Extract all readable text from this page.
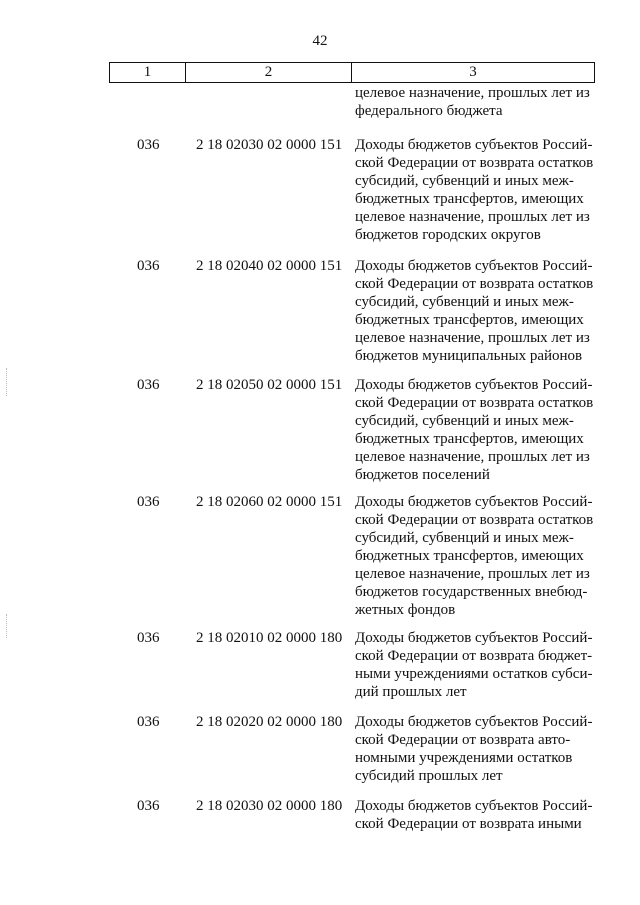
42
1	2	3
целевое назначение, прошлых лет из
федерального бюджета
036 2 18 02030 02 0000 151 Доходы бюджетов субъектов Россий-
ской Федерации от возврата остатков
субсидий, субвенций и иных меж-
бюджетных трансфертов, имеющих
целевое назначение, прошлых лет из
бюджетов городских округов
036 2 18 02040 02 0000 151 Доходы бюджетов субъектов Россий-
ской Федерации от возврата остатков
субсидий, субвенций и иных меж-
бюджетных трансфертов, имеющих
целевое назначение, прошлых лет из
бюджетов муниципальных районов
036 2 18 02050 02 0000 151 Доходы бюджетов субъектов Россий-
ской Федерации от возврата остатков
субсидий, субвенций и иных меж-
бюджетных трансфертов, имеющих
целевое назначение, прошлых лет из
бюджетов поселений
036 2 18 02060 02 0000 151 Доходы бюджетов субъектов Россий-
ской Федерации от возврата остатков
субсидий, субвенций и иных меж-
бюджетных трансфертов, имеющих
целевое назначение, прошлых лет из
бюджетов государственных внебюд-
жетных фондов
036 2 18 02010 02 0000 180 Доходы бюджетов субъектов Россий-
ской Федерации от возврата бюджет-
ными учреждениями остатков субси-
дий прошлых лет
036 2 18 02020 02 0000 180 Доходы бюджетов субъектов Россий-
ской Федерации от возврата авто-
номными учреждениями остатков
субсидий прошлых лет
036 2 18 02030 02 0000 180 Доходы бюджетов субъектов Россий-
ской Федерации от возврата иными
